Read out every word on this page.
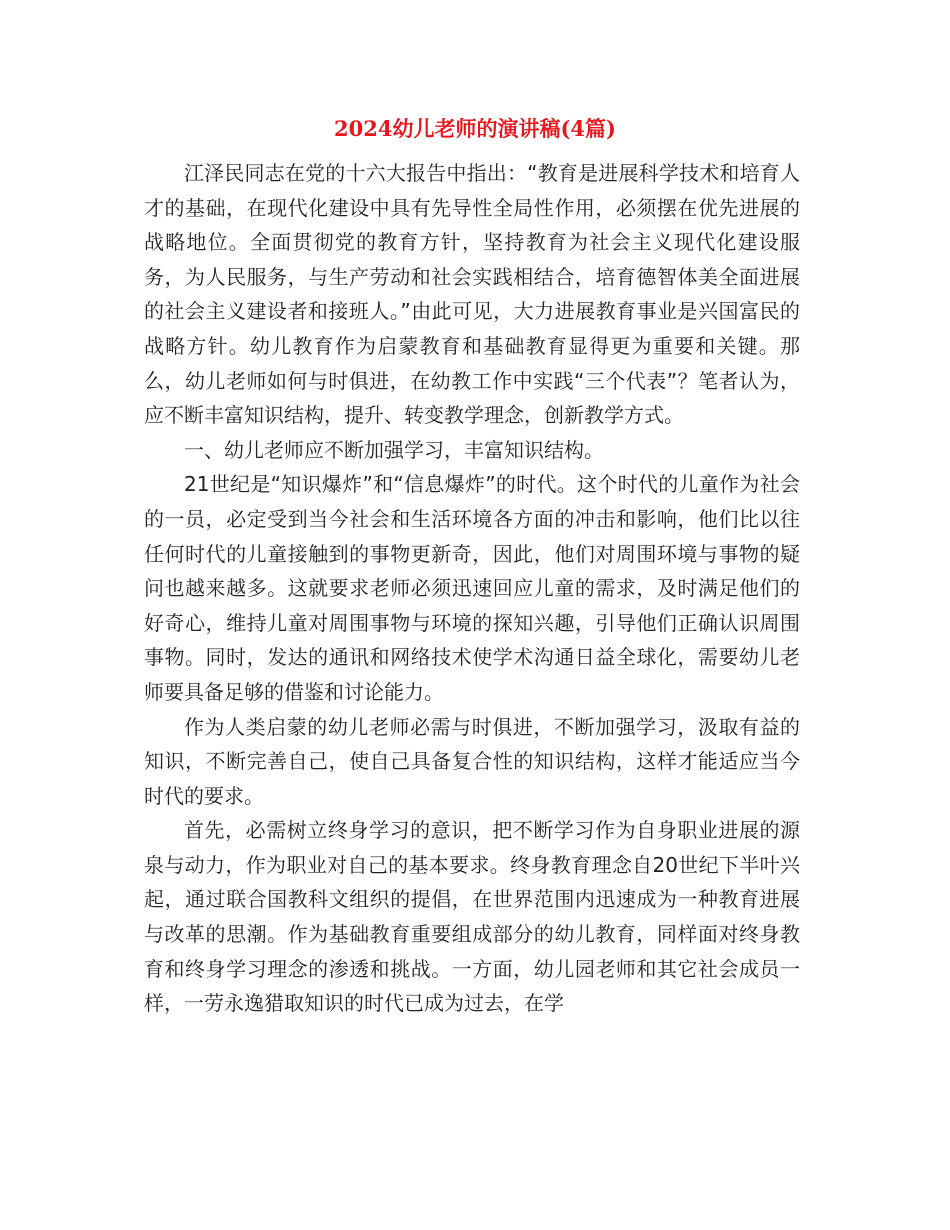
2024幼儿老师的演讲稿(4篇)

江泽民同志在党的十六大报告中指出：“教育是进展科学技术和培育人才的基础，在现代化建设中具有先导性全局性作用，必须摆在优先进展的战略地位。全面贯彻党的教育方针，坚持教育为社会主义现代化建设服务，为人民服务，与生产劳动和社会实践相结合，培育德智体美全面进展的社会主义建设者和接班人。”由此可见，大力进展教育事业是兴国富民的战略方针。幼儿教育作为启蒙教育和基础教育显得更为重要和关键。那么，幼儿老师如何与时俱进，在幼教工作中实践“三个代表”？笔者认为，应不断丰富知识结构，提升、转变教学理念，创新教学方式。

一、幼儿老师应不断加强学习，丰富知识结构。

21世纪是“知识爆炸”和“信息爆炸”的时代。这个时代的儿童作为社会的一员，必定受到当今社会和生活环境各方面的冲击和影响，他们比以往任何时代的儿童接触到的事物更新奇，因此，他们对周围环境与事物的疑问也越来越多。这就要求老师必须迅速回应儿童的需求，及时满足他们的好奇心，维持儿童对周围事物与环境的探知兴趣，引导他们正确认识周围事物。同时，发达的通讯和网络技术使学术沟通日益全球化，需要幼儿老师要具备足够的借鉴和讨论能力。

作为人类启蒙的幼儿老师必需与时俱进，不断加强学习，汲取有益的知识，不断完善自己，使自己具备复合性的知识结构，这样才能适应当今时代的要求。

首先，必需树立终身学习的意识，把不断学习作为自身职业进展的源泉与动力，作为职业对自己的基本要求。终身教育理念自20世纪下半叶兴起，通过联合国教科文组织的提倡，在世界范围内迅速成为一种教育进展与改革的思潮。作为基础教育重要组成部分的幼儿教育，同样面对终身教育和终身学习理念的渗透和挑战。一方面，幼儿园老师和其它社会成员一样，一劳永逸猎取知识的时代已成为过去，在学
